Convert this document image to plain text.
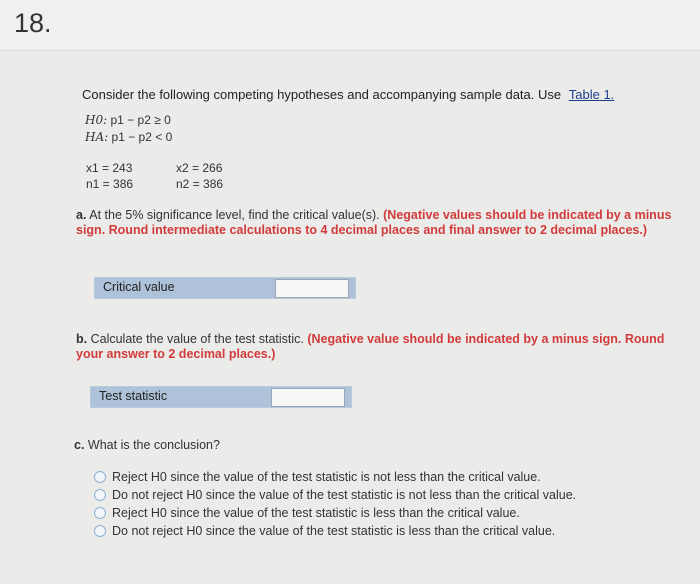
18.
Consider the following competing hypotheses and accompanying sample data. Use Table 1.
H0: p1 − p2 ≥ 0
HA: p1 − p2 < 0
x1 = 243
n1 = 386
x2 = 266
n2 = 386
a. At the 5% significance level, find the critical value(s). (Negative values should be indicated by a minus sign. Round intermediate calculations to 4 decimal places and final answer to 2 decimal places.)
Critical value
b. Calculate the value of the test statistic. (Negative value should be indicated by a minus sign. Round your answer to 2 decimal places.)
Test statistic
c. What is the conclusion?
Reject H0 since the value of the test statistic is not less than the critical value.
Do not reject H0 since the value of the test statistic is not less than the critical value.
Reject H0 since the value of the test statistic is less than the critical value.
Do not reject H0 since the value of the test statistic is less than the critical value.
